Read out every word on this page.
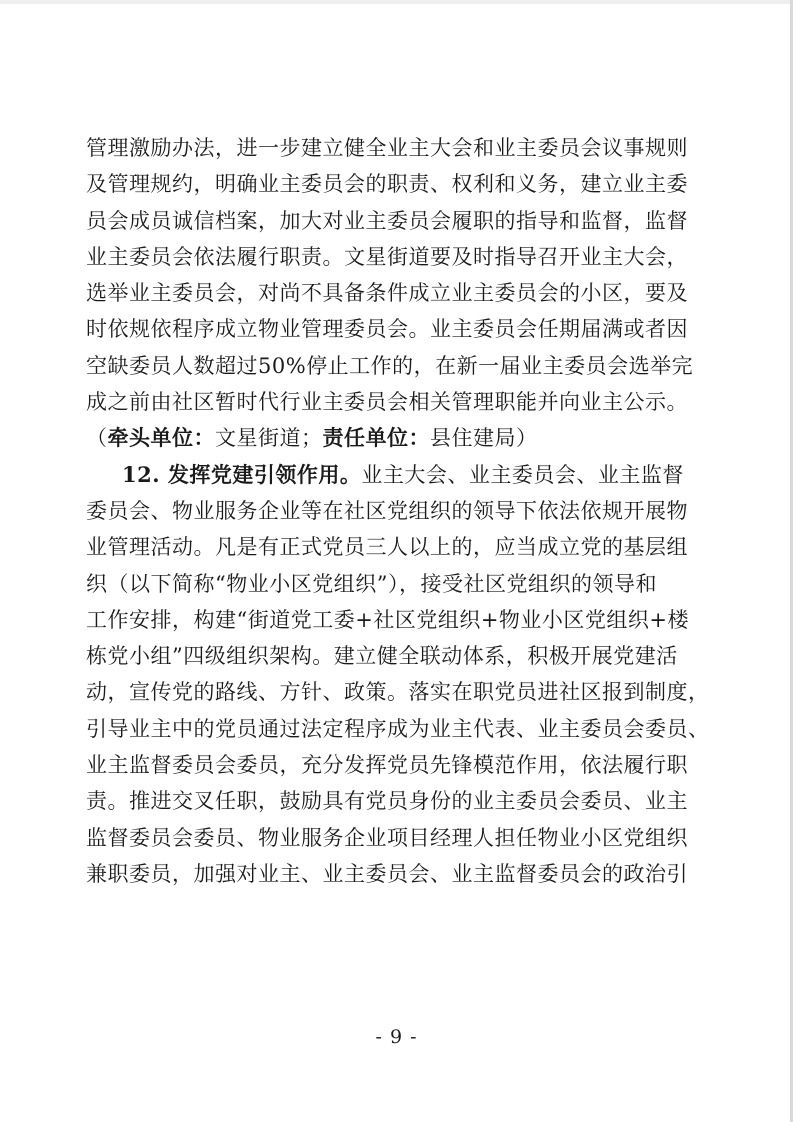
管理激励办法，进一步建立健全业主大会和业主委员会议事规则
及管理规约，明确业主委员会的职责、权利和义务，建立业主委
员会成员诚信档案，加大对业主委员会履职的指导和监督，监督
业主委员会依法履行职责。文星街道要及时指导召开业主大会，
选举业主委员会，对尚不具备条件成立业主委员会的小区，要及
时依规依程序成立物业管理委员会。业主委员会任期届满或者因
空缺委员人数超过50%停止工作的，在新一届业主委员会选举完
成之前由社区暂时代行业主委员会相关管理职能并向业主公示。
（牵头单位：文星街道；责任单位：县住建局）
12. 发挥党建引领作用。业主大会、业主委员会、业主监督
委员会、物业服务企业等在社区党组织的领导下依法依规开展物
业管理活动。凡是有正式党员三人以上的，应当成立党的基层组
织（以下简称“物业小区党组织”），接受社区党组织的领导和
工作安排，构建“街道党工委+社区党组织+物业小区党组织+楼
栋党小组”四级组织架构。建立健全联动体系，积极开展党建活
动，宣传党的路线、方针、政策。落实在职党员进社区报到制度，
引导业主中的党员通过法定程序成为业主代表、业主委员会委员、
业主监督委员会委员，充分发挥党员先锋模范作用，依法履行职
责。推进交叉任职，鼓励具有党员身份的业主委员会委员、业主
监督委员会委员、物业服务企业项目经理人担任物业小区党组织
兼职委员，加强对业主、业主委员会、业主监督委员会的政治引
- 9 -
